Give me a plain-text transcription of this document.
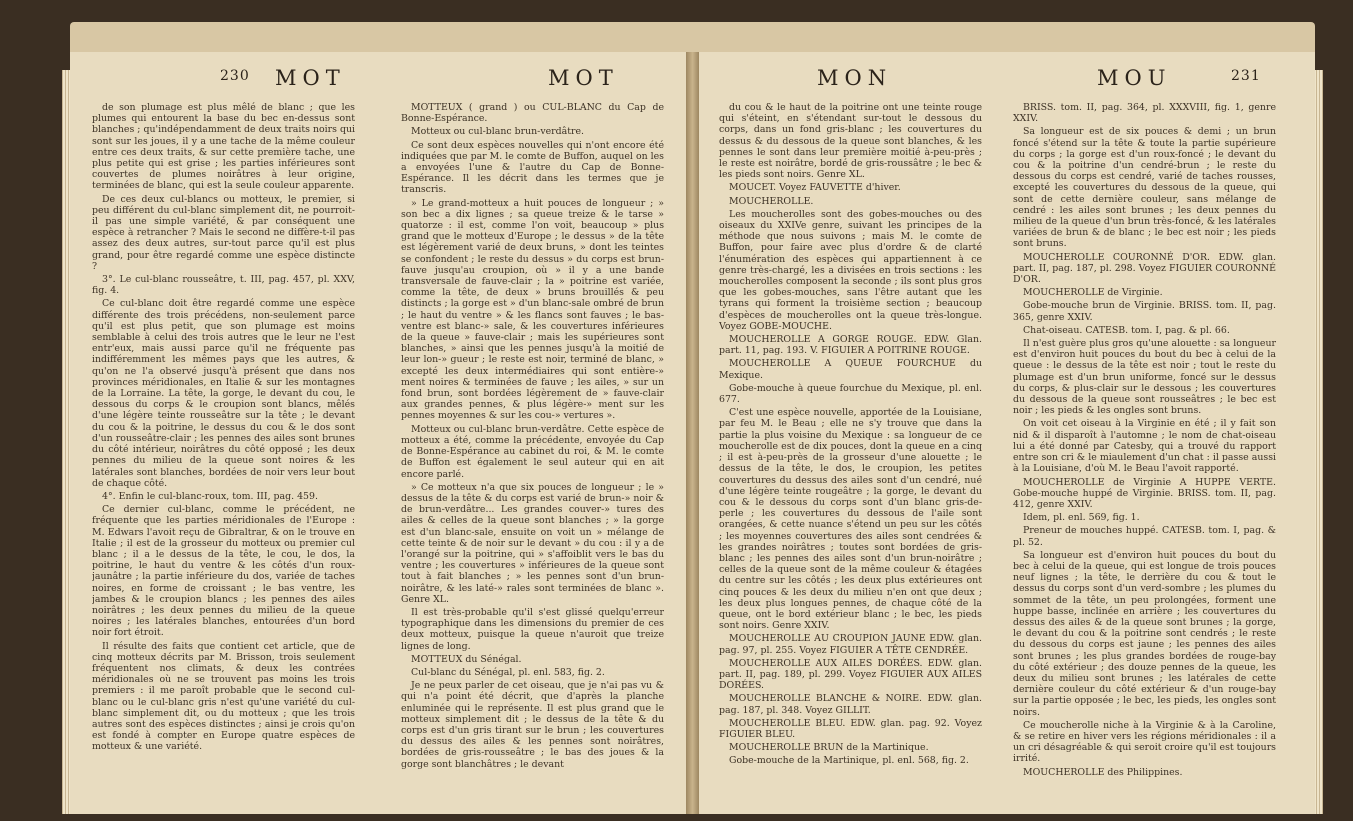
230 MOT	MOT

de son plumage est plus mêlé de blanc ; que les plumes qui entourent la base du bec en-dessus sont blanches ; qu'indépendamment de deux traits noirs qui sont sur les joues, il y a une tache de la même couleur entre ces deux traits, & sur cette première tache, une plus petite qui est grise ; les parties inférieures sont couvertes de plumes noirâtres à leur origine, terminées de blanc, qui est la seule couleur apparente.

De ces deux cul-blancs ou motteux, le premier, si peu différent du cul-blanc simplement dit, ne pourroit-il pas une simple variété, & par conséquent une espèce à retrancher ? Mais le second ne diffère-t-il pas assez des deux autres, sur-tout parce qu'il est plus grand, pour être regardé comme une espèce distincte ?

3°. Le cul-blanc rousseâtre, t. III, pag. 457, pl. XXV, fig. 4.

Ce cul-blanc doit être regardé comme une espèce différente des trois précédens, non-seulement parce qu'il est plus petit, que son plumage est moins semblable à celui des trois autres que le leur ne l'est entr'eux, mais aussi parce qu'il ne fréquente pas indifféremment les mêmes pays que les autres, & qu'on ne l'a observé jusqu'à présent que dans nos provinces méridionales, en Italie & sur les montagnes de la Lorraine. La tête, la gorge, le devant du cou, le dessous du corps & le croupion sont blancs, mêlés d'une légère teinte rousseâtre sur la tête ; le devant du cou & la poitrine, le dessus du cou & le dos sont d'un rousseâtre-clair ; les pennes des ailes sont brunes du côté intérieur, noirâtres du côté opposé ; les deux pennes du milieu de la queue sont noires & les latérales sont blanches, bordées de noir vers leur bout de chaque côté.

4°. Enfin le cul-blanc-roux, tom. III, pag. 459.

Ce dernier cul-blanc, comme le précédent, ne fréquente que les parties méridionales de l'Europe : M. Edwars l'avoit reçu de Gibraltrar, & on le trouve en Italie ; il est de la grosseur du motteux ou premier cul blanc ; il a le dessus de la tête, le cou, le dos, la poitrine, le haut du ventre & les côtés d'un roux-jaunâtre ; la partie inférieure du dos, variée de taches noires, en forme de croissant ; le bas ventre, les jambes & le croupion blancs ; les pennes des ailes noirâtres ; les deux pennes du milieu de la queue noires ; les latérales blanches, entourées d'un bord noir fort étroit.

Il résulte des faits que contient cet article, que de cinq motteux décrits par M. Brisson, trois seulement fréquentent nos climats, & deux les contrées méridionales où ne se trouvent pas moins les trois premiers : il me paroît probable que le second cul-blanc ou le cul-blanc gris n'est qu'une variété du cul-blanc simplement dit, ou du motteux ; que les trois autres sont des espèces distinctes ; ainsi je crois qu'on est fondé à compter en Europe quatre espèces de motteux & une variété.

MOTTEUX ( grand ) ou CUL-BLANC du Cap de Bonne-Espérance.

Motteux ou cul-blanc brun-verdâtre.

Ce sont deux espèces nouvelles qui n'ont encore été indiquées que par M. le comte de Buffon, auquel on les a envoyées l'une & l'autre du Cap de Bonne-Espérance. Il les décrit dans les termes que je transcris.

» Le grand-motteux a huit pouces de longueur ; » son bec a dix lignes ; sa queue treize & le tarse » quatorze : il est, comme l'on voit, beaucoup » plus grand que le motteux d'Europe ; le dessus » de la tête est légèrement varié de deux bruns, » dont les teintes se confondent ; le reste du dessus » du corps est brun-fauve jusqu'au croupion, où » il y a une bande transversale de fauve-clair ; la » poitrine est variée, comme la tête, de deux » bruns brouillés & peu distincts ; la gorge est » d'un blanc-sale ombré de brun ; le haut du ventre » & les flancs sont fauves ; le bas-ventre est blanc-» sale, & les couvertures inférieures de la queue » fauve-clair ; mais les supérieures sont blanches, » ainsi que les pennes jusqu'à la moitié de leur lon-» gueur ; le reste est noir, terminé de blanc, » excepté les deux intermédiaires qui sont entière-» ment noires & terminées de fauve ; les ailes, » sur un fond brun, sont bordées légèrement de » fauve-clair aux grandes pennes, & plus légère-» ment sur les pennes moyennes & sur les cou-» vertures ».

Motteux ou cul-blanc brun-verdâtre. Cette espèce de motteux a été, comme la précédente, envoyée du Cap de Bonne-Espérance au cabinet du roi, & M. le comte de Buffon est également le seul auteur qui en ait encore parlé.

» Ce motteux n'a que six pouces de longueur ; le » dessus de la tête & du corps est varié de brun-» noir & de brun-verdâtre... Les grandes couver-» tures des ailes & celles de la queue sont blanches ; » la gorge est d'un blanc-sale, ensuite on voit un » mélange de cette teinte & de noir sur le devant » du cou : il y a de l'orangé sur la poitrine, qui » s'affoiblit vers le bas du ventre ; les couvertures » inférieures de la queue sont tout à fait blanches ; » les pennes sont d'un brun-noirâtre, & les laté-» rales sont terminées de blanc ». Genre XL.

Il est très-probable qu'il s'est glissé quelqu'erreur typographique dans les dimensions du premier de ces deux motteux, puisque la queue n'auroit que treize lignes de long.

MOTTEUX du Sénégal.

Cul-blanc du Sénégal, pl. enl. 583, fig. 2.

Je ne peux parler de cet oiseau, que je n'ai pas vu & qui n'a point été décrit, que d'après la planche enluminée qui le représente. Il est plus grand que le motteux simplement dit ; le dessus de la tête & du corps est d'un gris tirant sur le brun ; les couvertures du dessus des ailes & les pennes sont noirâtres, bordées de gris-rousseâtre ; le bas des joues & la gorge sont blanchâtres ; le devant

MON	MOU	231

du cou & le haut de la poitrine ont une teinte rouge qui s'éteint, en s'étendant sur-tout le dessous du corps, dans un fond gris-blanc ; les couvertures du dessus & du dessous de la queue sont blanches, & les pennes le sont dans leur première moitié à-peu-près ; le reste est noirâtre, bordé de gris-roussâtre ; le bec & les pieds sont noirs. Genre XL.

MOUCET. Voyez FAUVETTE d'hiver.

MOUCHEROLLE.

Les moucherolles sont des gobes-mouches ou des oiseaux du XXIVe genre, suivant les principes de la méthode que nous suivons ; mais M. le comte de Buffon, pour faire avec plus d'ordre & de clarté l'énumération des espèces qui appartiennent à ce genre très-chargé, les a divisées en trois sections : les moucherolles composent la seconde ; ils sont plus gros que les gobes-mouches, sans l'être autant que les tyrans qui forment la troisième section ; beaucoup d'espèces de moucherolles ont la queue très-longue. Voyez GOBE-MOUCHE.

MOUCHEROLLE A GORGE ROUGE. EDW. Glan. part. 11, pag. 193. V. FIGUIER A POITRINE ROUGE.

MOUCHEROLLE A QUEUE FOURCHUE du Mexique.

Gobe-mouche à queue fourchue du Mexique, pl. enl. 677.

C'est une espèce nouvelle, apportée de la Louisiane, par feu M. le Beau ; elle ne s'y trouve que dans la partie la plus voisine du Mexique : sa longueur de ce moucherolle est de dix pouces, dont la queue en a cinq ; il est à-peu-près de la grosseur d'une alouette ; le dessus de la tête, le dos, le croupion, les petites couvertures du dessus des ailes sont d'un cendré, nué d'une légère teinte rougeâtre ; la gorge, le devant du cou & le dessous du corps sont d'un blanc gris-de-perle ; les couvertures du dessous de l'aile sont orangées, & cette nuance s'étend un peu sur les côtés ; les moyennes couvertures des ailes sont cendrées & les grandes noirâtres ; toutes sont bordées de gris-blanc ; les pennes des ailes sont d'un brun-noirâtre ; celles de la queue sont de la même couleur & étagées du centre sur les côtés ; les deux plus extérieures ont cinq pouces & les deux du milieu n'en ont que deux ; les deux plus longues pennes, de chaque côté de la queue, ont le bord extérieur blanc ; le bec, les pieds sont noirs. Genre XXIV.

MOUCHEROLLE AU CROUPION JAUNE EDW. glan. pag. 97, pl. 255. Voyez FIGUIER A TÊTE CENDRÉE.

MOUCHEROLLE AUX AILES DORÉES. EDW. glan. part. II, pag. 189, pl. 299. Voyez FIGUIER AUX AILES DORÉES.

MOUCHEROLLE BLANCHE & NOIRE. EDW. glan. pag. 187, pl. 348. Voyez GILLIT.

MOUCHEROLLE BLEU. EDW. glan. pag. 92. Voyez FIGUIER BLEU.

MOUCHEROLLE BRUN de la Martinique.

Gobe-mouche de la Martinique, pl. enl. 568, fig. 2.

BRISS. tom. II, pag. 364, pl. XXXVIII, fig. 1, genre XXIV.

Sa longueur est de six pouces & demi ; un brun foncé s'étend sur la tête & toute la partie supérieure du corps ; la gorge est d'un roux-foncé ; le devant du cou & la poitrine d'un cendré-brun ; le reste du dessous du corps est cendré, varié de taches rousses, excepté les couvertures du dessous de la queue, qui sont de cette dernière couleur, sans mélange de cendré : les ailes sont brunes ; les deux pennes du milieu de la queue d'un brun très-foncé, & les latérales variées de brun & de blanc ; le bec est noir ; les pieds sont bruns.

MOUCHEROLLE COURONNÉ D'OR. EDW. glan. part. II, pag. 187, pl. 298. Voyez FIGUIER COURONNÉ D'OR.

MOUCHEROLLE de Virginie.

Gobe-mouche brun de Virginie. BRISS. tom. II, pag. 365, genre XXIV.

Chat-oiseau. CATESB. tom. I, pag. & pl. 66.

Il n'est guère plus gros qu'une alouette : sa longueur est d'environ huit pouces du bout du bec à celui de la queue : le dessus de la tête est noir ; tout le reste du plumage est d'un brun uniforme, foncé sur le dessus du corps, & plus-clair sur le dessous ; les couvertures du dessous de la queue sont rousseâtres ; le bec est noir ; les pieds & les ongles sont bruns.

On voit cet oiseau à la Virginie en été ; il y fait son nid & il disparoît à l'automne ; le nom de chat-oiseau lui a été donné par Catesby, qui a trouvé du rapport entre son cri & le miaulement d'un chat : il passe aussi à la Louisiane, d'où M. le Beau l'avoit rapporté.

MOUCHEROLLE de Virginie A HUPPE VERTE. Gobe-mouche huppé de Virginie. BRISS. tom. II, pag. 412, genre XXIV.

Idem, pl. enl. 569, fig. 1.

Preneur de mouches huppé. CATESB. tom. I, pag. & pl. 52.

Sa longueur est d'environ huit pouces du bout du bec à celui de la queue, qui est longue de trois pouces neuf lignes ; la tête, le derrière du cou & tout le dessus du corps sont d'un verd-sombre ; les plumes du sommet de la tête, un peu prolongées, forment une huppe basse, inclinée en arrière ; les couvertures du dessus des ailes & de la queue sont brunes ; la gorge, le devant du cou & la poitrine sont cendrés ; le reste du dessous du corps est jaune ; les pennes des ailes sont brunes ; les plus grandes bordées de rouge-bay du côté extérieur ; des douze pennes de la queue, les deux du milieu sont brunes ; les latérales de cette dernière couleur du côté extérieur & d'un rouge-bay sur la partie opposée ; le bec, les pieds, les ongles sont noirs.

Ce moucherolle niche à la Virginie & à la Caroline, & se retire en hiver vers les régions méridionales : il a un cri désagréable & qui seroit croire qu'il est toujours irrité.

MOUCHEROLLE des Philippines.
